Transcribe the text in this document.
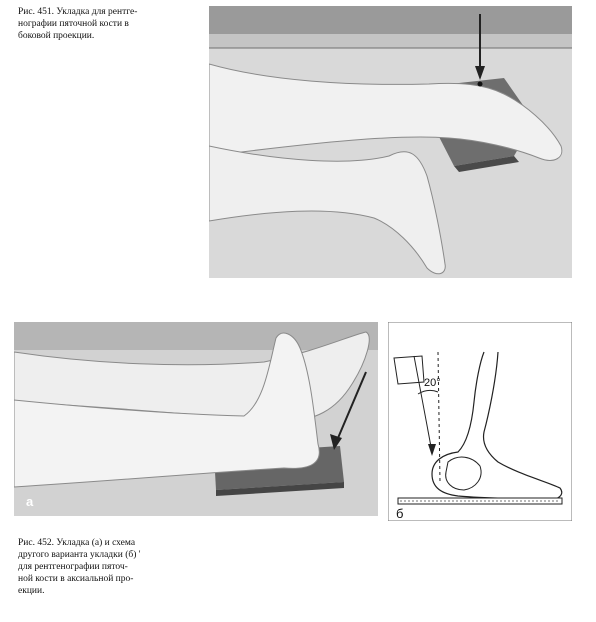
Рис. 451. Укладка для рентге-
нографии пяточной кости в
боковой проекции.
а
20°
б
Рис. 452. Укладка (а) и схема
другого варианта укладки (б) '
для рентгенографии пяточ-
ной кости в аксиальной про-
екции.
